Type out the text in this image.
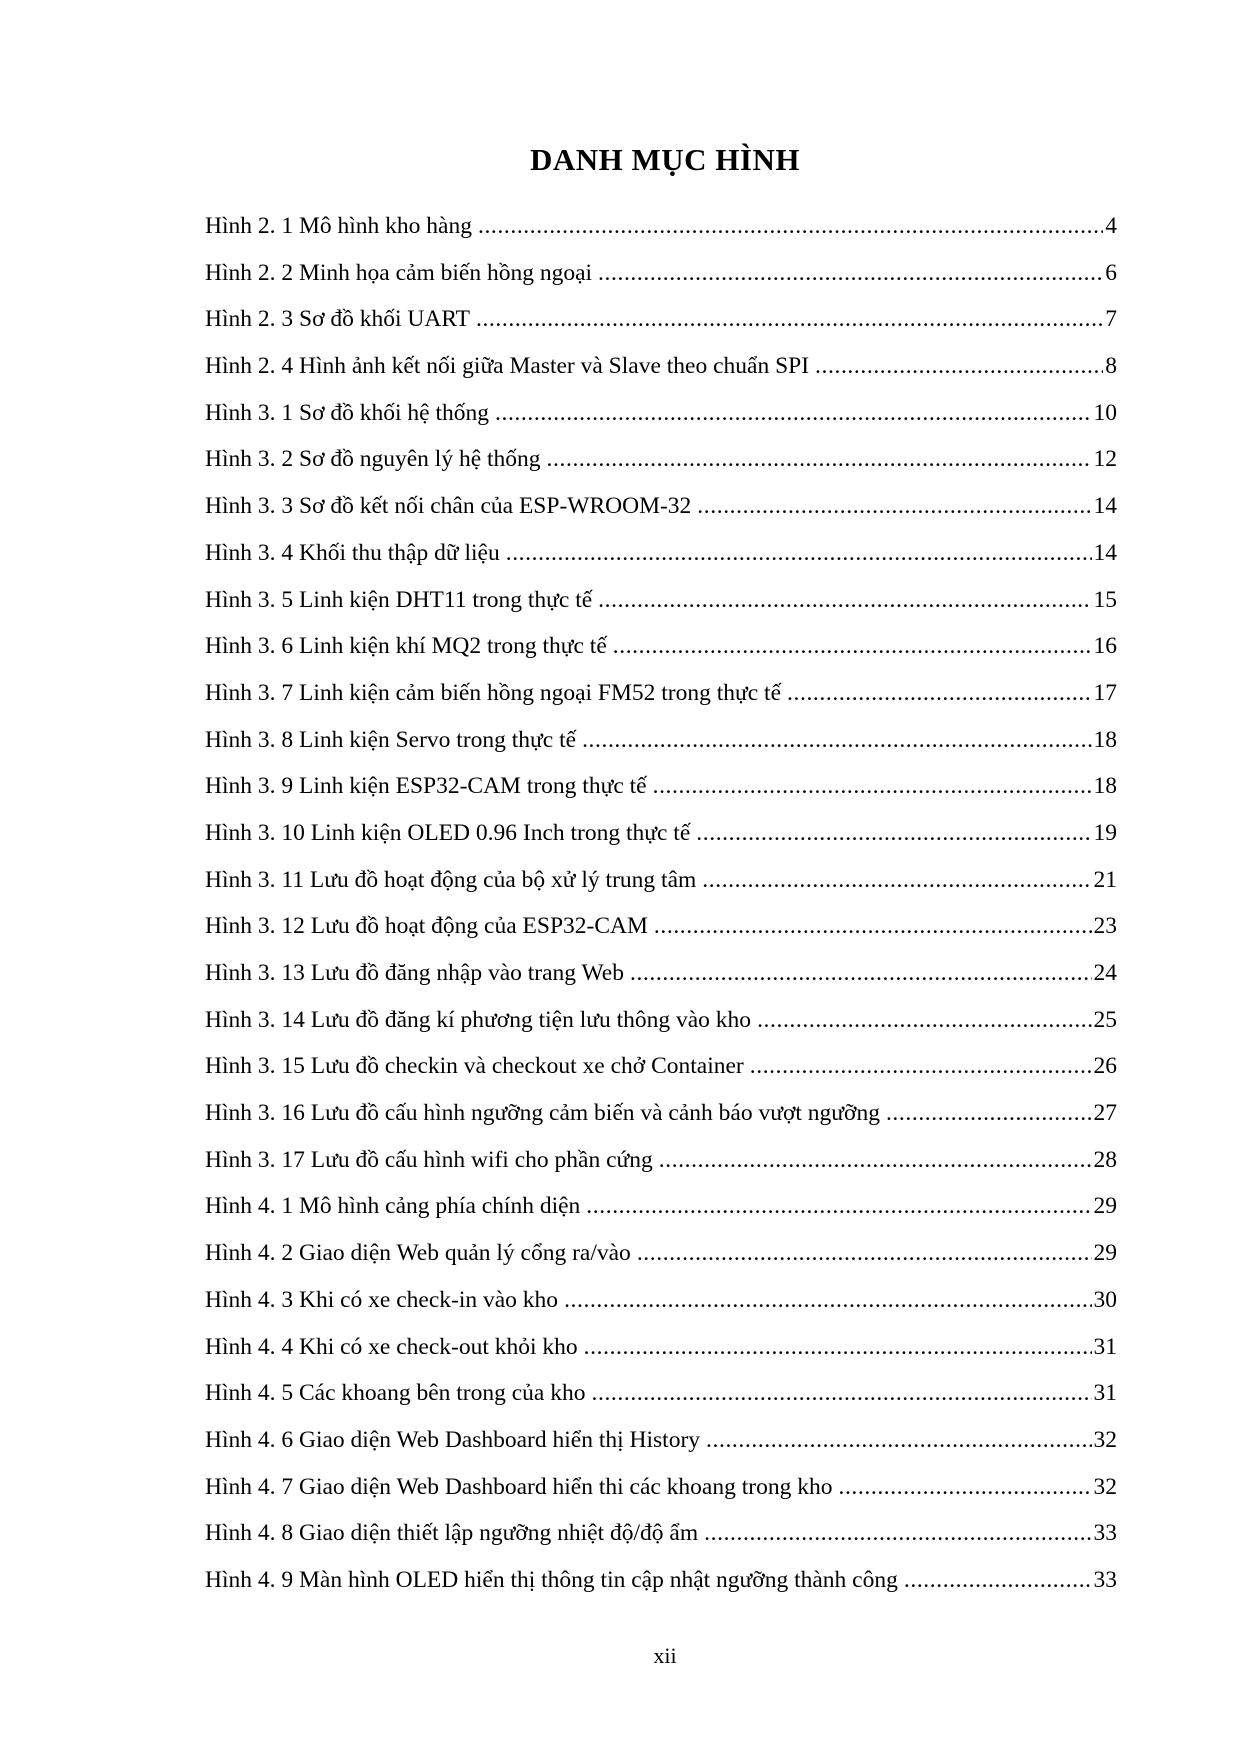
DANH MỤC HÌNH
Hình 2. 1 Mô hình kho hàng .....	4
Hình 2. 2 Minh họa cảm biến hồng ngoại .....	6
Hình 2. 3 Sơ đồ khối UART .....	7
Hình 2. 4 Hình ảnh kết nối giữa Master và Slave theo chuẩn SPI .....	8
Hình 3. 1 Sơ đồ khối hệ thống .....	10
Hình 3. 2 Sơ đồ nguyên lý hệ thống .....	12
Hình 3. 3 Sơ đồ kết nối chân của ESP-WROOM-32 .....	14
Hình 3. 4 Khối thu thập dữ liệu .....	14
Hình 3. 5 Linh kiện DHT11 trong thực tế .....	15
Hình 3. 6 Linh kiện khí MQ2 trong thực tế .....	16
Hình 3. 7 Linh kiện cảm biến hồng ngoại FM52 trong thực tế .....	17
Hình 3. 8 Linh kiện Servo trong thực tế .....	18
Hình 3. 9 Linh kiện ESP32-CAM trong thực tế .....	18
Hình 3. 10 Linh kiện OLED 0.96 Inch trong thực tế .....	19
Hình 3. 11 Lưu đồ hoạt động của bộ xử lý trung tâm .....	21
Hình 3. 12 Lưu đồ hoạt động của ESP32-CAM .....	23
Hình 3. 13 Lưu đồ đăng nhập vào trang Web .....	24
Hình 3. 14 Lưu đồ đăng kí phương tiện lưu thông vào kho .....	25
Hình 3. 15 Lưu đồ checkin và checkout xe chở Container .....	26
Hình 3. 16 Lưu đồ cấu hình ngưỡng cảm biến và cảnh báo vượt ngưỡng .....	27
Hình 3. 17 Lưu đồ cấu hình wifi cho phần cứng .....	28
Hình 4. 1 Mô hình cảng phía chính diện .....	29
Hình 4. 2 Giao diện Web quản lý cổng ra/vào .....	29
Hình 4. 3 Khi có xe check-in vào kho .....	30
Hình 4. 4 Khi có xe check-out khỏi kho .....	31
Hình 4. 5 Các khoang bên trong của kho .....	31
Hình 4. 6 Giao diện Web Dashboard hiển thị History .....	32
Hình 4. 7 Giao diện Web Dashboard hiển thi các khoang trong kho .....	32
Hình 4. 8 Giao diện thiết lập ngưỡng nhiệt độ/độ ẩm .....	33
Hình 4. 9 Màn hình OLED hiển thị thông tin cập nhật ngưỡng thành công .....	33
xii
